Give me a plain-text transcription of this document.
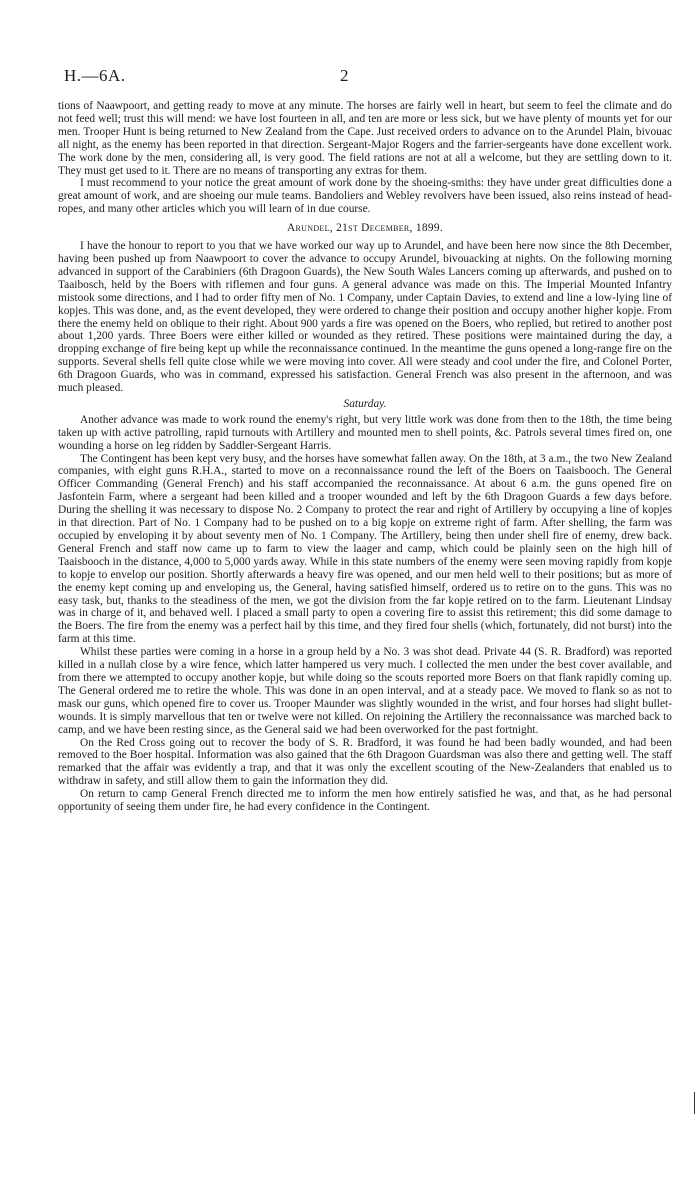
H.—6A.	2

tions of Naawpoort, and getting ready to move at any minute. The horses are fairly well in heart, but seem to feel the climate and do not feed well; trust this will mend: we have lost fourteen in all, and ten are more or less sick, but we have plenty of mounts yet for our men. Trooper Hunt is being returned to New Zealand from the Cape. Just received orders to advance on to the Arundel Plain, bivouac all night, as the enemy has been reported in that direction. Sergeant-Major Rogers and the farrier-sergeants have done excellent work. The work done by the men, considering all, is very good. The field rations are not at all a welcome, but they are settling down to it. They must get used to it. There are no means of transporting any extras for them.

I must recommend to your notice the great amount of work done by the shoeing-smiths: they have under great difficulties done a great amount of work, and are shoeing our mule teams. Bandoliers and Webley revolvers have been issued, also reins instead of head-ropes, and many other articles which you will learn of in due course.

Arundel, 21st December, 1899.

I have the honour to report to you that we have worked our way up to Arundel, and have been here now since the 8th December, having been pushed up from Naawpoort to cover the advance to occupy Arundel, bivouacking at nights. On the following morning advanced in support of the Carabiniers (6th Dragoon Guards), the New South Wales Lancers coming up afterwards, and pushed on to Taaibosch, held by the Boers with riflemen and four guns. A general advance was made on this. The Imperial Mounted Infantry mistook some directions, and I had to order fifty men of No. 1 Company, under Captain Davies, to extend and line a low-lying line of kopjes. This was done, and, as the event developed, they were ordered to change their position and occupy another higher kopje. From there the enemy held on oblique to their right. About 900 yards a fire was opened on the Boers, who replied, but retired to another post about 1,200 yards. Three Boers were either killed or wounded as they retired. These positions were maintained during the day, a dropping exchange of fire being kept up while the reconnaissance continued. In the meantime the guns opened a long-range fire on the supports. Several shells fell quite close while we were moving into cover. All were steady and cool under the fire, and Colonel Porter, 6th Dragoon Guards, who was in command, expressed his satisfaction. General French was also present in the afternoon, and was much pleased.

Saturday.

Another advance was made to work round the enemy's right, but very little work was done from then to the 18th, the time being taken up with active patrolling, rapid turnouts with Artillery and mounted men to shell points, &c. Patrols several times fired on, one wounding a horse on leg ridden by Saddler-Sergeant Harris.

The Contingent has been kept very busy, and the horses have somewhat fallen away. On the 18th, at 3 a.m., the two New Zealand companies, with eight guns R.H.A., started to move on a reconnaissance round the left of the Boers on Taaisbooch. The General Officer Commanding (General French) and his staff accompanied the reconnaissance. At about 6 a.m. the guns opened fire on Jasfontein Farm, where a sergeant had been killed and a trooper wounded and left by the 6th Dragoon Guards a few days before. During the shelling it was necessary to dispose No. 2 Company to protect the rear and right of Artillery by occupying a line of kopjes in that direction. Part of No. 1 Company had to be pushed on to a big kopje on extreme right of farm. After shelling, the farm was occupied by enveloping it by about seventy men of No. 1 Company. The Artillery, being then under shell fire of enemy, drew back. General French and staff now came up to farm to view the laager and camp, which could be plainly seen on the high hill of Taaisbooch in the distance, 4,000 to 5,000 yards away. While in this state numbers of the enemy were seen moving rapidly from kopje to kopje to envelop our position. Shortly afterwards a heavy fire was opened, and our men held well to their positions; but as more of the enemy kept coming up and enveloping us, the General, having satisfied himself, ordered us to retire on to the guns. This was no easy task, but, thanks to the steadiness of the men, we got the division from the far kopje retired on to the farm. Lieutenant Lindsay was in charge of it, and behaved well. I placed a small party to open a covering fire to assist this retirement; this did some damage to the Boers. The fire from the enemy was a perfect hail by this time, and they fired four shells (which, fortunately, did not burst) into the farm at this time.

Whilst these parties were coming in a horse in a group held by a No. 3 was shot dead. Private 44 (S. R. Bradford) was reported killed in a nullah close by a wire fence, which latter hampered us very much. I collected the men under the best cover available, and from there we attempted to occupy another kopje, but while doing so the scouts reported more Boers on that flank rapidly coming up. The General ordered me to retire the whole. This was done in an open interval, and at a steady pace. We moved to flank so as not to mask our guns, which opened fire to cover us. Trooper Maunder was slightly wounded in the wrist, and four horses had slight bullet-wounds. It is simply marvellous that ten or twelve were not killed. On rejoining the Artillery the reconnaissance was marched back to camp, and we have been resting since, as the General said we had been overworked for the past fortnight.

On the Red Cross going out to recover the body of S. R. Bradford, it was found he had been badly wounded, and had been removed to the Boer hospital. Information was also gained that the 6th Dragoon Guardsman was also there and getting well. The staff remarked that the affair was evidently a trap, and that it was only the excellent scouting of the New-Zealanders that enabled us to withdraw in safety, and still allow them to gain the information they did.

On return to camp General French directed me to inform the men how entirely satisfied he was, and that, as he had personal opportunity of seeing them under fire, he had every confidence in the Contingent.
